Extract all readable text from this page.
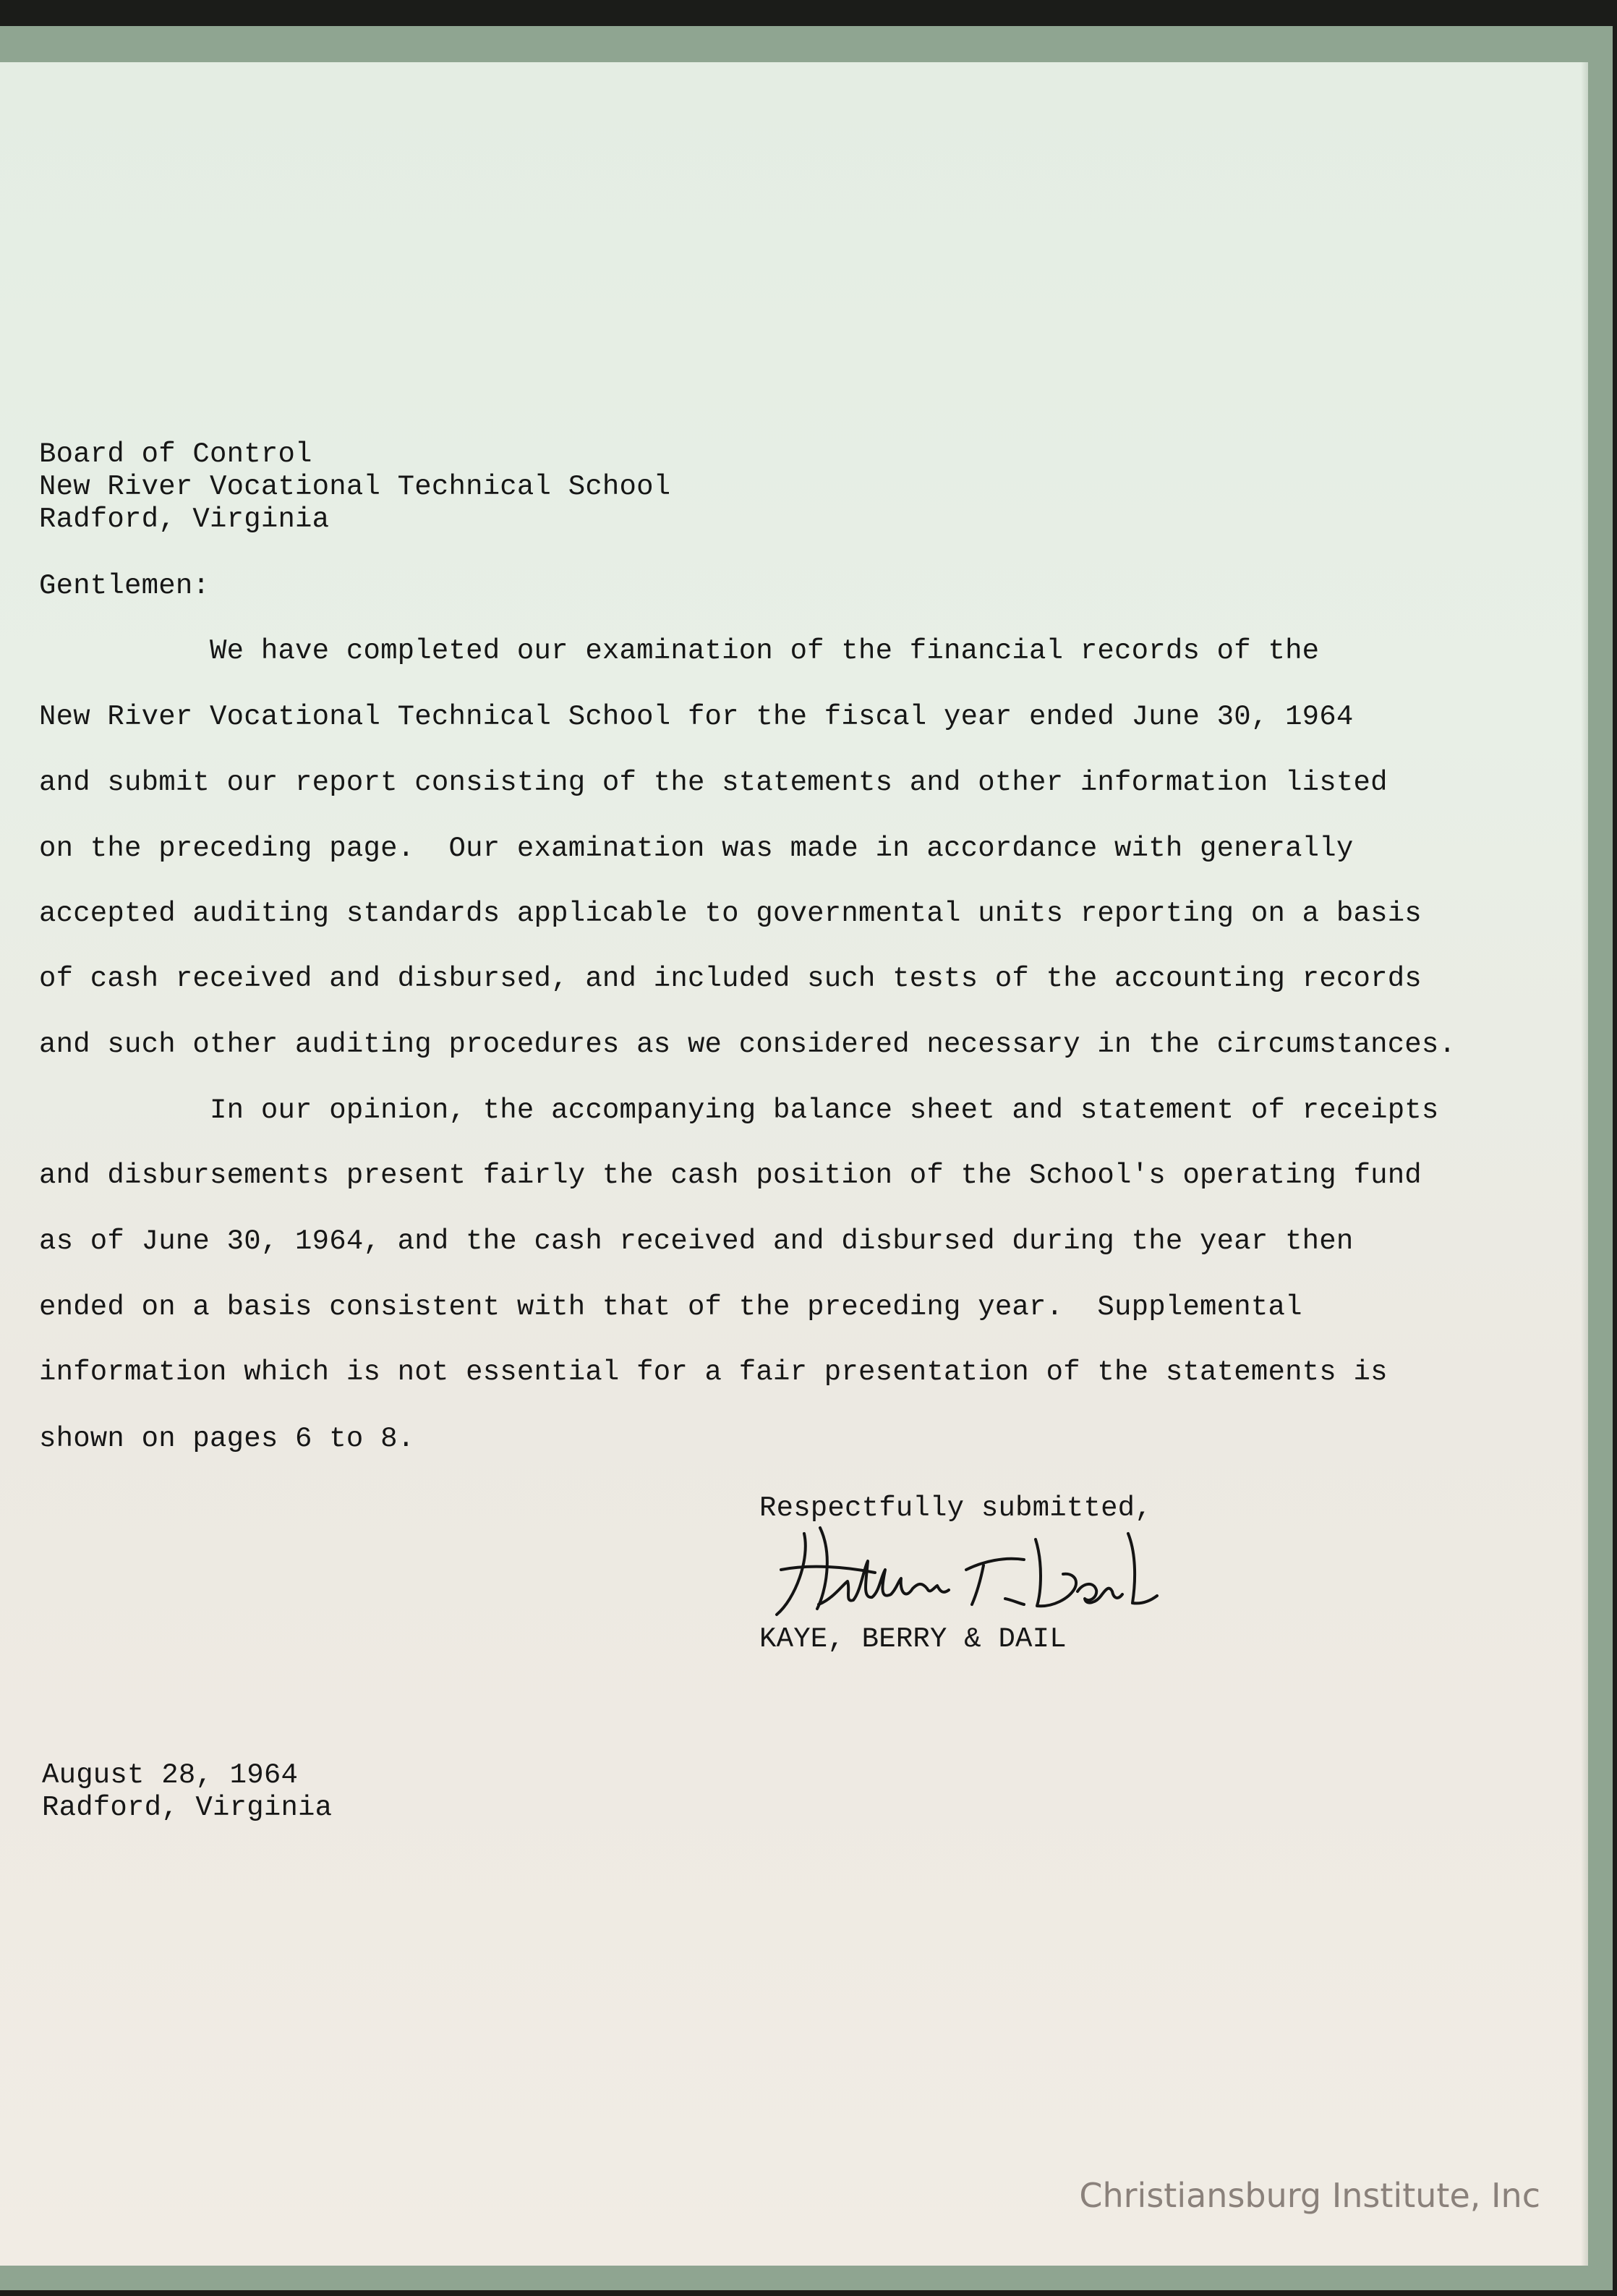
Board of Control

New River Vocational Technical School

Radford, Virginia

Gentlemen:

We have completed our examination of the financial records of the

New River Vocational Technical School for the fiscal year ended June 30, 1964

and submit our report consisting of the statements and other information listed

on the preceding page.  Our examination was made in accordance with generally

accepted auditing standards applicable to governmental units reporting on a basis

of cash received and disbursed, and included such tests of the accounting records

and such other auditing procedures as we considered necessary in the circumstances.

In our opinion, the accompanying balance sheet and statement of receipts

and disbursements present fairly the cash position of the School's operating fund

as of June 30, 1964, and the cash received and disbursed during the year then

ended on a basis consistent with that of the preceding year.  Supplemental

information which is not essential for a fair presentation of the statements is

shown on pages 6 to 8.

Respectfully submitted,

KAYE, BERRY & DAIL

August 28, 1964

Radford, Virginia

Christiansburg Institute, Inc
